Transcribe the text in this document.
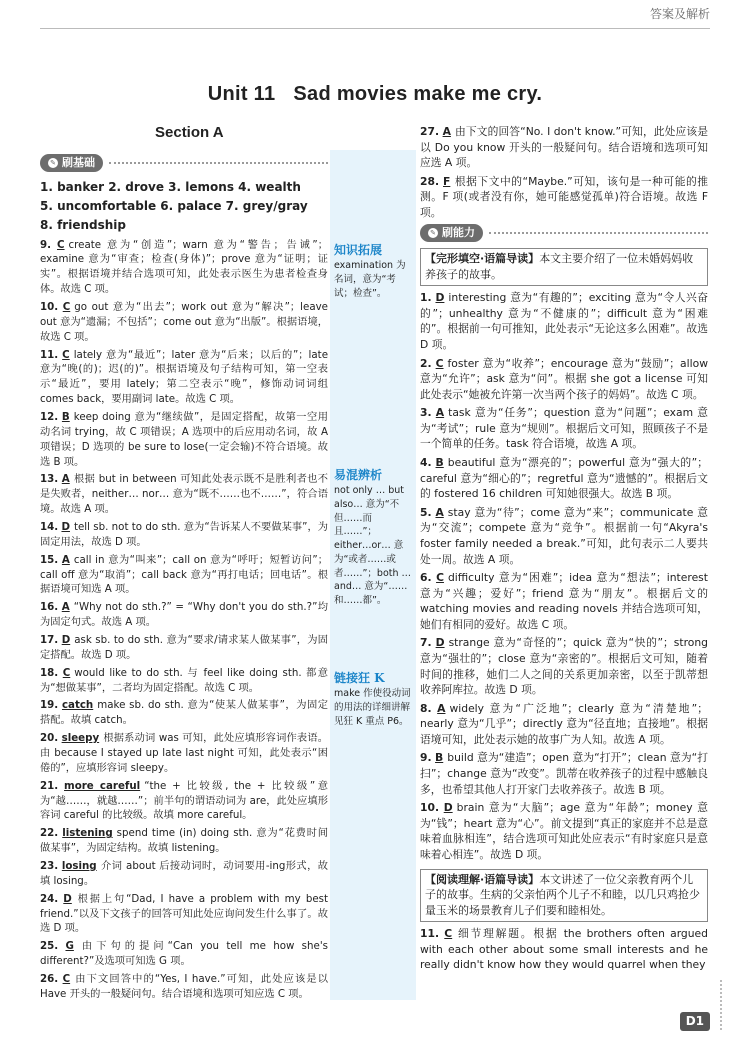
答案及解析
Unit 11 Sad movies make me cry.
Section A
✎ 刷基础
1. banker 2. drove 3. lemons 4. wealth
5. uncomfortable 6. palace 7. grey/gray
8. friendship
9. C create 意为“创造”；warn 意为“警告；告诫”；examine 意为“审查；检查(身体)”；prove 意为“证明；证实”。根据语境并结合选项可知，此处表示医生为患者检查身体。故选 C 项。
10. C go out 意为“出去”；work out 意为“解决”；leave out 意为“遗漏；不包括”；come out 意为“出版”。根据语境，故选 C 项。
11. C lately 意为“最近”；later 意为“后来；以后的”；late 意为“晚(的)；迟(的)”。根据语境及句子结构可知，第一空表示“最近”，要用 lately；第二空表示“晚”，修饰动词词组 comes back，要用副词 late。故选 C 项。
12. B keep doing 意为“继续做”，是固定搭配，故第一空用动名词 trying，故 C 项错误；A 选项中的后应用动名词，故 A 项错误；D 选项的 be sure to lose(一定会输)不符合语境。故选 B 项。
13. A 根据 but in between 可知此处表示既不是胜利者也不是失败者，neither… nor… 意为“既不……也不……”，符合语境。故选 A 项。
14. D tell sb. not to do sth. 意为“告诉某人不要做某事”，为固定用法，故选 D 项。
15. A call in 意为“叫来”；call on 意为“呼吁；短暂访问”；call off 意为“取消”；call back 意为“再打电话；回电话”。根据语境可知选 A 项。
16. A “Why not do sth.?” = “Why don't you do sth.?”均为固定句式。故选 A 项。
17. D ask sb. to do sth. 意为“要求/请求某人做某事”，为固定搭配。故选 D 项。
18. C would like to do sth. 与 feel like doing sth. 都意为“想做某事”，二者均为固定搭配。故选 C 项。
19. catch make sb. do sth. 意为“使某人做某事”，为固定搭配。故填 catch。
20. sleepy 根据系动词 was 可知，此处应填形容词作表语。由 because I stayed up late last night 可知，此处表示“困倦的”，应填形容词 sleepy。
21. more careful “the + 比较级, the + 比较级”意为“越……，就越……”；前半句的谓语动词为 are，此处应填形容词 careful 的比较级。故填 more careful。
22. listening spend time (in) doing sth. 意为“花费时间做某事”，为固定结构。故填 listening。
23. losing 介词 about 后接动词时，动词要用-ing形式，故填 losing。
24. D 根据上句“Dad, I have a problem with my best friend.”以及下文孩子的回答可知此处应询问发生什么事了。故选 D 项。
25. G 由下句的提问“Can you tell me how she's different?”及选项可知选 G 项。
26. C 由下文回答中的“Yes, I have.”可知，此处应该是以 Have 开头的一般疑问句。结合语境和选项可知应选 C 项。
知识拓展
examination 为名词，意为“考试；检查”。
易混辨析
not only … but also… 意为“不但……而且……”；either…or… 意为“或者……或者……”；both … and… 意为“……和……都”。
链接狂 K
make 作使役动词的用法的详细讲解见狂 K 重点 P6。
27. A 由下文的回答“No. I don't know.”可知，此处应该是以 Do you know 开头的一般疑问句。结合语境和选项可知应选 A 项。
28. F 根据下文中的“Maybe.”可知，该句是一种可能的推测。F 项(或者没有你，她可能感觉孤单)符合语境。故选 F 项。
✎ 刷能力
【完形填空·语篇导读】本文主要介绍了一位未婚妈妈收养孩子的故事。
1. D interesting 意为“有趣的”；exciting 意为“令人兴奋的”；unhealthy 意为“不健康的”；difficult 意为“困难的”。根据前一句可推知，此处表示“无论这多么困难”。故选 D 项。
2. C foster 意为“收养”；encourage 意为“鼓励”；allow 意为“允许”；ask 意为“问”。根据 she got a license 可知此处表示“她被允许第一次当两个孩子的妈妈”。故选 C 项。
3. A task 意为“任务”；question 意为“问题”；exam 意为“考试”；rule 意为“规则”。根据后文可知，照顾孩子不是一个简单的任务。task 符合语境，故选 A 项。
4. B beautiful 意为“漂亮的”；powerful 意为“强大的”；careful 意为“细心的”；regretful 意为“遗憾的”。根据后文的 fostered 16 children 可知她很强大。故选 B 项。
5. A stay 意为“待”；come 意为“来”；communicate 意为“交流”；compete 意为“竞争”。根据前一句“Akyra's foster family needed a break.”可知，此句表示二人要共处一周。故选 A 项。
6. C difficulty 意为“困难”；idea 意为“想法”；interest 意为“兴趣；爱好”；friend 意为“朋友”。根据后文的 watching movies and reading novels 并结合选项可知，她们有相同的爱好。故选 C 项。
7. D strange 意为“奇怪的”；quick 意为“快的”；strong 意为“强壮的”；close 意为“亲密的”。根据后文可知，随着时间的推移，她们二人之间的关系更加亲密，以至于凯蒂想收养阿库拉。故选 D 项。
8. A widely 意为“广泛地”；clearly 意为“清楚地”；nearly 意为“几乎”；directly 意为“径直地；直接地”。根据语境可知，此处表示她的故事广为人知。故选 A 项。
9. B build 意为“建造”；open 意为“打开”；clean 意为“打扫”；change 意为“改变”。凯蒂在收养孩子的过程中感触良多，也希望其他人打开家门去收养孩子。故选 B 项。
10. D brain 意为“大脑”；age 意为“年龄”；money 意为“钱”；heart 意为“心”。前文提到“真正的家庭并不总是意味着血脉相连”，结合选项可知此处应表示“有时家庭只是意味着心相连”。故选 D 项。
【阅读理解·语篇导读】本文讲述了一位父亲教育两个儿子的故事。生病的父亲怕两个儿子不和睦，以几只鸡抢少量玉米的场景教育儿子们要和睦相处。
11. C 细节理解题。根据 the brothers often argued with each other about some small interests and he really didn't know how they would quarrel when they
D1
